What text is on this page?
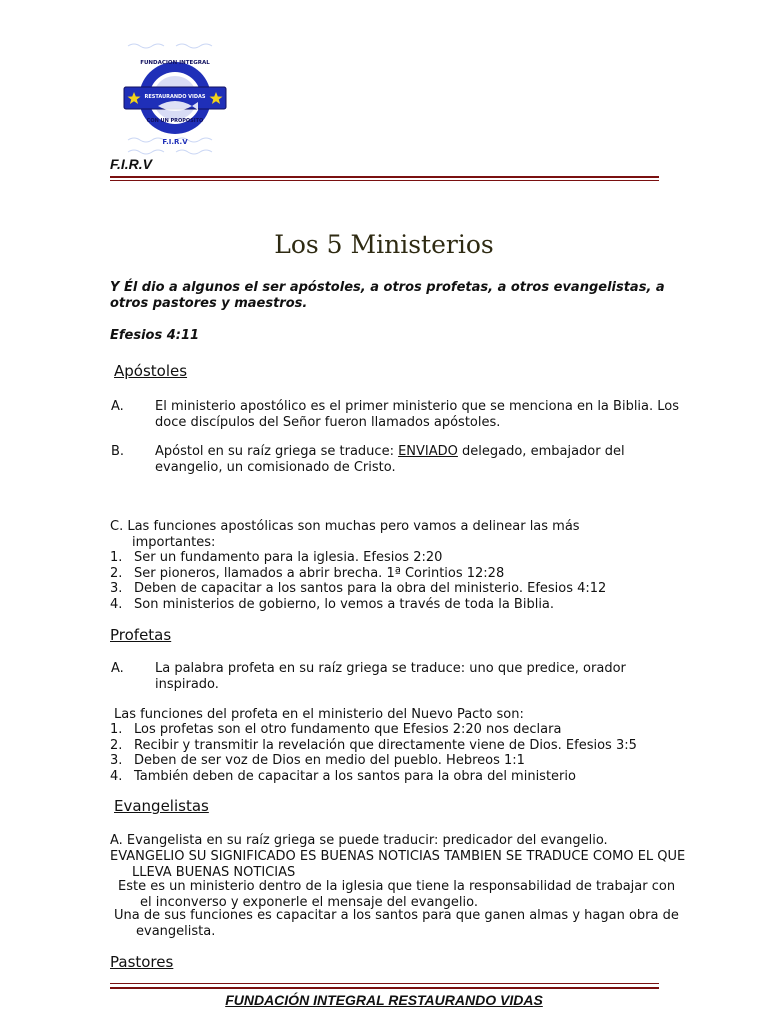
FUNDACION INTEGRAL
RESTAURANDO VIDAS
CON UN PROPOSITO
F.I.R.V
F.I.R.V
Los 5 Ministerios
Y Él dio a algunos el ser apóstoles, a otros profetas, a otros evangelistas, a otros pastores y maestros.
Efesios 4:11
Apóstoles
A. El ministerio apostólico es el primer ministerio que se menciona en la Biblia. Los doce discípulos del Señor fueron llamados apóstoles.
B. Apóstol en su raíz griega se traduce: ENVIADO delegado, embajador del evangelio, un comisionado de Cristo.
C. Las funciones apostólicas son muchas pero vamos a delinear las más importantes:
1. Ser un fundamento para la iglesia. Efesios 2:20
2. Ser pioneros, llamados a abrir brecha. 1ª Corintios 12:28
3. Deben de capacitar a los santos para la obra del ministerio. Efesios 4:12
4. Son ministerios de gobierno, lo vemos a través de toda la Biblia.
Profetas
A. La palabra profeta en su raíz griega se traduce: uno que predice, orador inspirado.
Las funciones del profeta en el ministerio del Nuevo Pacto son:
1. Los profetas son el otro fundamento que Efesios 2:20 nos declara
2. Recibir y transmitir la revelación que directamente viene de Dios. Efesios 3:5
3. Deben de ser voz de Dios en medio del pueblo. Hebreos 1:1
4. También deben de capacitar a los santos para la obra del ministerio
Evangelistas
A. Evangelista en su raíz griega se puede traducir: predicador del evangelio.
EVANGELIO SU SIGNIFICADO ES BUENAS NOTICIAS TAMBIEN SE TRADUCE COMO EL QUE LLEVA BUENAS NOTICIAS
Este es un ministerio dentro de la iglesia que tiene la responsabilidad de trabajar con el inconverso y exponerle el mensaje del evangelio.
Una de sus funciones es capacitar a los santos para que ganen almas y hagan obra de evangelista.
Pastores
FUNDACIÓN INTEGRAL RESTAURANDO VIDAS
